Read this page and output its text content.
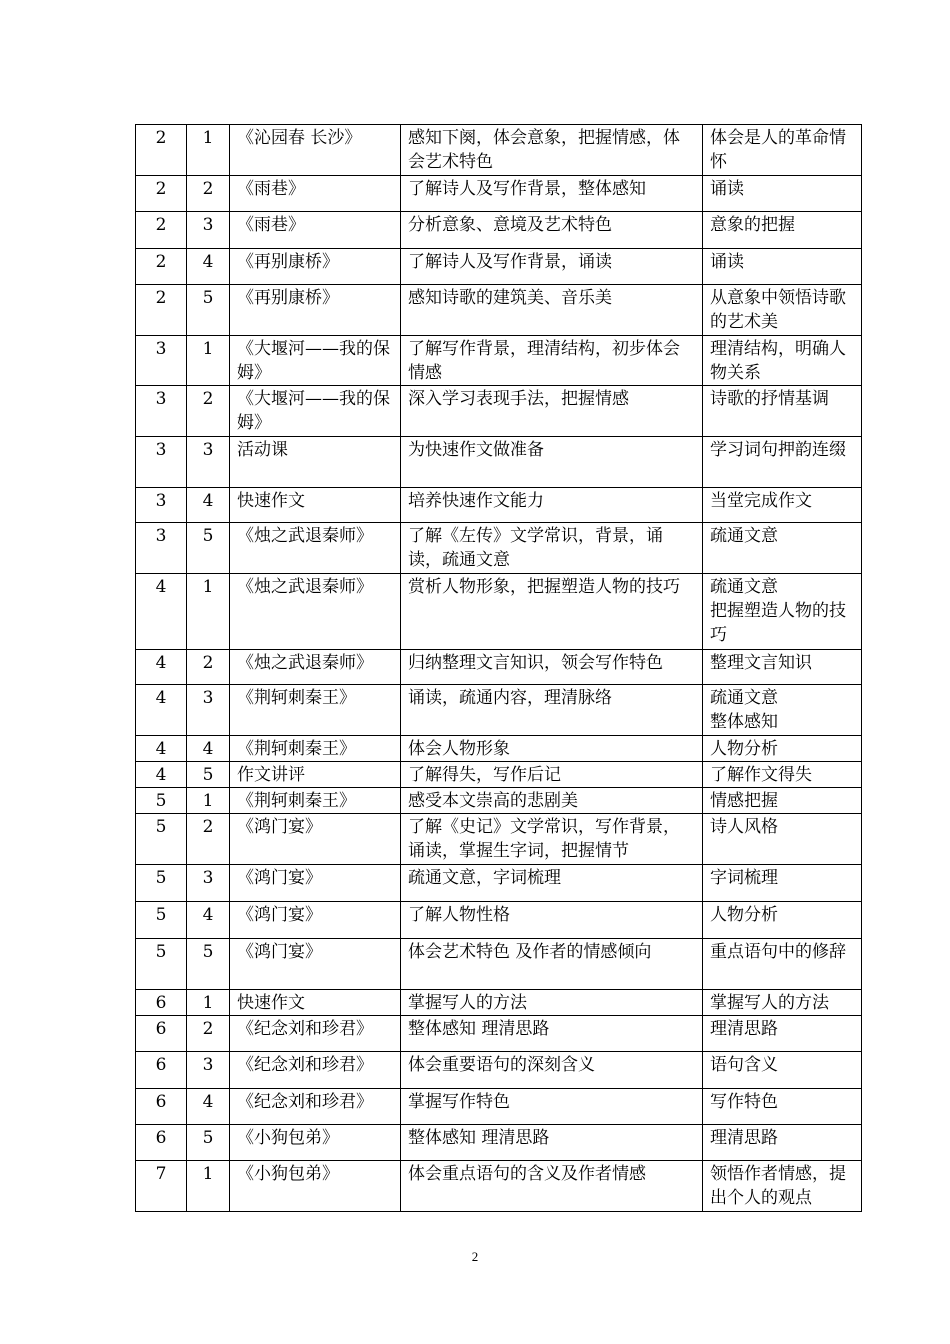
2	1	《沁园春 长沙》	感知下阕，体会意象，把握情感，体会艺术特色	体会是人的革命情怀
2	2	《雨巷》	了解诗人及写作背景，整体感知	诵读
2	3	《雨巷》	分析意象、意境及艺术特色	意象的把握
2	4	《再别康桥》	了解诗人及写作背景，诵读	诵读
2	5	《再别康桥》	感知诗歌的建筑美、音乐美	从意象中领悟诗歌的艺术美
3	1	《大堰河——我的保姆》	了解写作背景，理清结构，初步体会情感	理清结构，明确人物关系
3	2	《大堰河——我的保姆》	深入学习表现手法，把握情感	诗歌的抒情基调
3	3	活动课	为快速作文做准备	学习词句押韵连缀
3	4	快速作文	培养快速作文能力	当堂完成作文
3	5	《烛之武退秦师》	了解《左传》文学常识，背景，诵读，疏通文意	疏通文意
4	1	《烛之武退秦师》	赏析人物形象，把握塑造人物的技巧	疏通文意
把握塑造人物的技巧
4	2	《烛之武退秦师》	归纳整理文言知识，领会写作特色	整理文言知识
4	3	《荆轲刺秦王》	诵读，疏通内容，理清脉络	疏通文意
整体感知
4	4	《荆轲刺秦王》	体会人物形象	人物分析
4	5	作文讲评	了解得失，写作后记	了解作文得失
5	1	《荆轲刺秦王》	感受本文崇高的悲剧美	情感把握
5	2	《鸿门宴》	了解《史记》文学常识，写作背景，诵读，掌握生字词，把握情节	诗人风格
5	3	《鸿门宴》	疏通文意，字词梳理	字词梳理
5	4	《鸿门宴》	了解人物性格	人物分析
5	5	《鸿门宴》	体会艺术特色 及作者的情感倾向	重点语句中的修辞
6	1	快速作文	掌握写人的方法	掌握写人的方法
6	2	《纪念刘和珍君》	整体感知 理清思路	理清思路
6	3	《纪念刘和珍君》	体会重要语句的深刻含义	语句含义
6	4	《纪念刘和珍君》	掌握写作特色	写作特色
6	5	《小狗包弟》	整体感知 理清思路	理清思路
7	1	《小狗包弟》	体会重点语句的含义及作者情感	领悟作者情感，提出个人的观点
2
